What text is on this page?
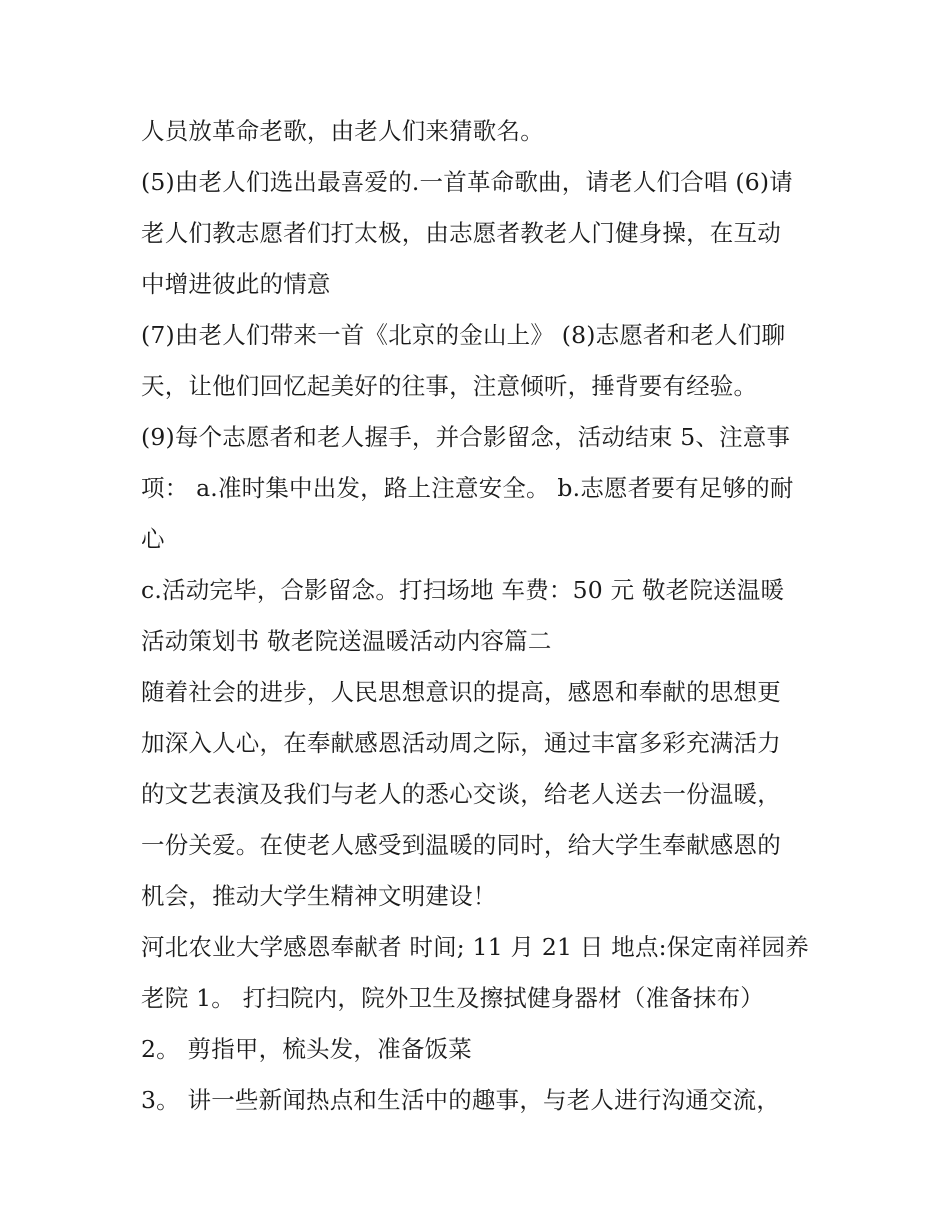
人员放革命老歌，由老人们来猜歌名。
(5)由老人们选出最喜爱的.一首革命歌曲，请老人们合唱 (6)请
老人们教志愿者们打太极，由志愿者教老人门健身操，在互动
中增进彼此的情意
(7)由老人们带来一首《北京的金山上》 (8)志愿者和老人们聊
天，让他们回忆起美好的往事，注意倾听，捶背要有经验。
(9)每个志愿者和老人握手，并合影留念，活动结束 5、注意事
项： a.准时集中出发，路上注意安全。 b.志愿者要有足够的耐
心
c.活动完毕，合影留念。打扫场地 车费：50 元 敬老院送温暖
活动策划书 敬老院送温暖活动内容篇二
随着社会的进步，人民思想意识的提高，感恩和奉献的思想更
加深入人心，在奉献感恩活动周之际，通过丰富多彩充满活力
的文艺表演及我们与老人的悉心交谈，给老人送去一份温暖，
一份关爱。在使老人感受到温暖的同时，给大学生奉献感恩的
机会，推动大学生精神文明建设！
河北农业大学感恩奉献者 时间; 11 月 21 日 地点:保定南祥园养
老院 1。 打扫院内，院外卫生及擦拭健身器材（准备抹布）
2。 剪指甲，梳头发，准备饭菜
3。 讲一些新闻热点和生活中的趣事，与老人进行沟通交流，
